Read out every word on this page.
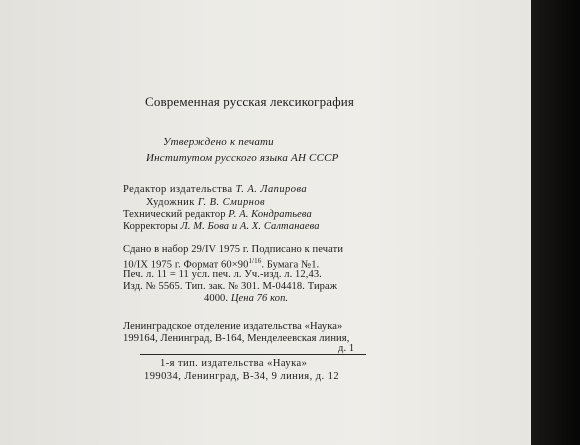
Современная русская лексикография
Утверждено к печати
Институтом русского языка АН СССР
Редактор издательства Т. А. Лапирова
Художник Г. В. Смирнов
Технический редактор Р. А. Кондратьева
Корректоры Л. М. Бова и А. Х. Салтанаева
Сдано в набор 29/IV 1975 г. Подписано к печати
10/IX 1975 г. Формат $60\times 90^{1/16}$. Бумага №1.
Печ. л. 11 = 11 усл. печ. л. Уч.-изд. л. 12,43.
Изд. № 5565. Тип. зак. № 301. М-04418. Тираж
4000. Цена 76 коп.
Ленинградское отделение издательства «Наука»
199164, Ленинград, В-164, Менделеевская линия,
д. 1
1-я тип. издательства «Наука»
199034, Ленинград, В-34, 9 линия, д. 12
